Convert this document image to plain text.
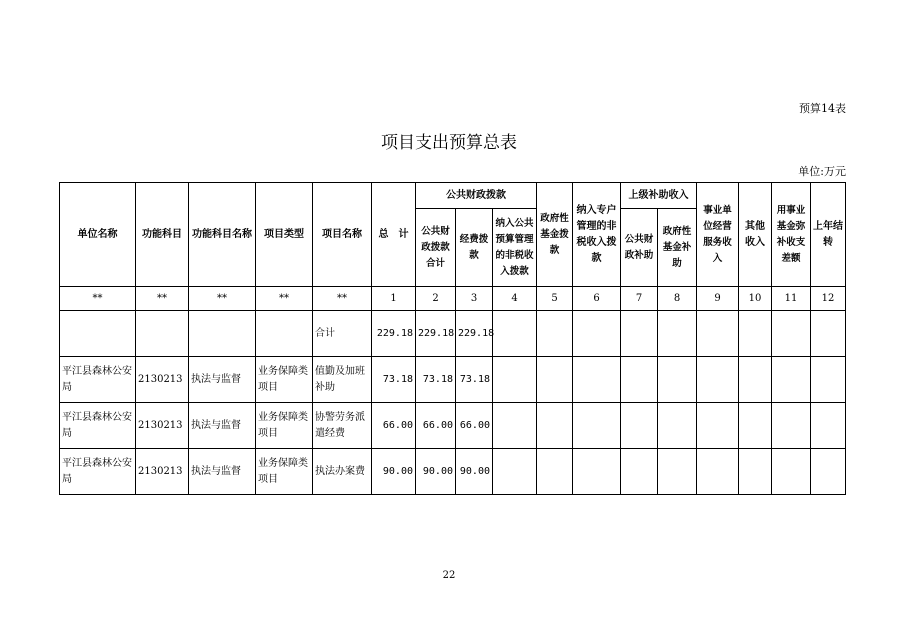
预算14表
项目支出预算总表
单位:万元
单位名称	功能科目	功能科目名称	项目类型	项目名称	总　计	公共财政拨款			政府性基金拨款	纳入专户管理的非税收入拨款	上级补助收入		事业单位经营服务收入	其他收入	用事业基金弥补收支差额	上年结转
						公共财政拨款合计	经费拨款	纳入公共预算管理的非税收入拨款			公共财政补助	政府性基金补助				
**	**	**	**	**	1	2	3	4	5	6	7	8	9	10	11	12
				合计	229.18	229.18	229.18									
平江县森林公安局	2130213	执法与监督	业务保障类项目	值勤及加班补助	73.18	73.18	73.18									
平江县森林公安局	2130213	执法与监督	业务保障类项目	协警劳务派遣经费	66.00	66.00	66.00									
平江县森林公安局	2130213	执法与监督	业务保障类项目	执法办案费	90.00	90.00	90.00									
22
